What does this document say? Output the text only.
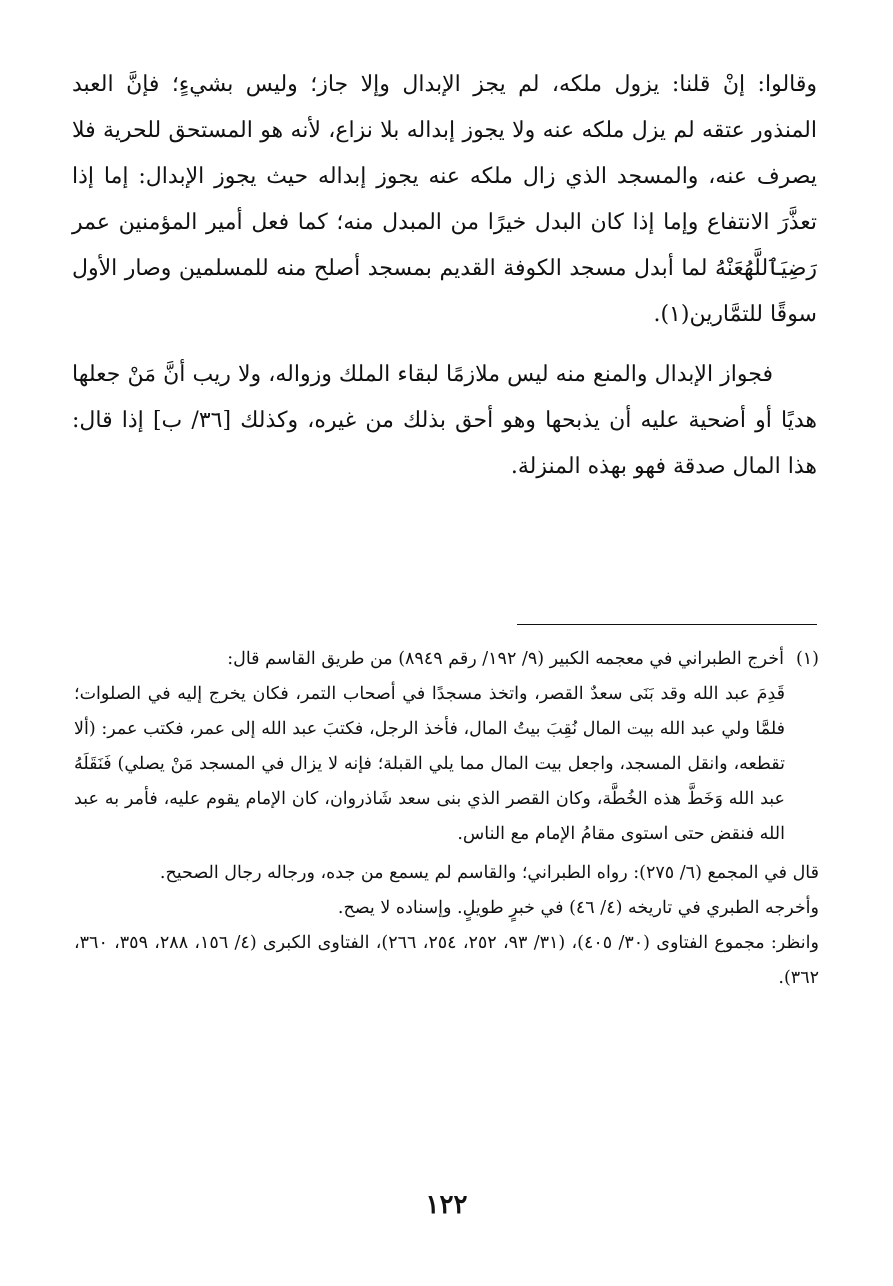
وقالوا: إنْ قلنا: يزول ملكه، لم يجز الإبدال وإلا جاز؛ وليس بشيءٍ؛ فإنَّ العبد المنذور عتقه لم يزل ملكه عنه ولا يجوز إبداله بلا نزاع، لأنه هو المستحق للحرية فلا يصرف عنه، والمسجد الذي زال ملكه عنه يجوز إبداله حيث يجوز الإبدال: إما إذا تعذَّرَ الانتفاع وإما إذا كان البدل خيرًا من المبدل منه؛ كما فعل أمير المؤمنين عمر رَضِيَٱللَّهُعَنْهُ لما أبدل مسجد الكوفة القديم بمسجد أصلح منه للمسلمين وصار الأول سوقًا للتمَّارين(١).

فجواز الإبدال والمنع منه ليس ملازمًا لبقاء الملك وزواله، ولا ريب أنَّ مَنْ جعلها هديًا أو أضحية عليه أن يذبحها وهو أحق بذلك من غيره، وكذلك [٣٦/ ب] إذا قال: هذا المال صدقة فهو بهذه المنزلة.

(١)
أخرج الطبراني في معجمه الكبير (٩/ ١٩٢/ رقم ٨٩٤٩) من طريق القاسم قال:

قَدِمَ عبد الله وقد بَنَى سعدٌ القصر، واتخذ مسجدًا في أصحاب التمر، فكان يخرج إليه في الصلوات؛ فلمَّا ولي عبد الله بيت المال نُقِبَ بيتُ المال، فأخذ الرجل، فكتبَ عبد الله إلى عمر، فكتب عمر: (ألا تقطعه، وانقل المسجد، واجعل بيت المال مما يلي القبلة؛ فإنه لا يزال في المسجد مَنْ يصلي) فَنَقَلَهُ عبد الله وَخَطَّ هذه الخُطَّة، وكان القصر الذي بنى سعد شَاذروان، كان الإمام يقوم عليه، فأمر به عبد الله فنقض حتى استوى مقامُ الإمام مع الناس.

قال في المجمع (٦/ ٢٧٥): رواه الطبراني؛ والقاسم لم يسمع من جده، ورجاله رجال الصحيح.

وأخرجه الطبري في تاريخه (٤/ ٤٦) في خبرٍ طويلٍ. وإسناده لا يصح.

وانظر: مجموع الفتاوى (٣٠/ ٤٠٥)، (٣١/ ٩٣، ٢٥٢، ٢٥٤، ٢٦٦)، الفتاوى الكبرى (٤/ ١٥٦، ٢٨٨، ٣٥٩، ٣٦٠، ٣٦٢).

١٢٢
